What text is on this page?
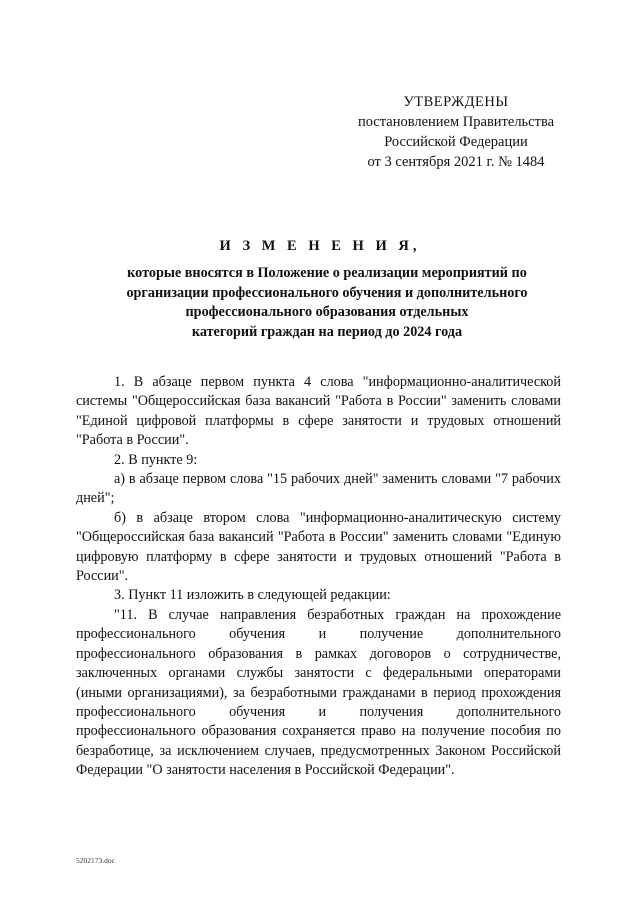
УТВЕРЖДЕНЫ
постановлением Правительства
Российской Федерации
от 3 сентября 2021 г. № 1484
И З М Е Н Е Н И Я,
которые вносятся в Положение о реализации мероприятий по
организации профессионального обучения и дополнительного
профессионального образования отдельных
категорий граждан на период до 2024 года

1. В абзаце первом пункта 4 слова "информационно-аналитической системы "Общероссийская база вакансий "Работа в России" заменить словами "Единой цифровой платформы в сфере занятости и трудовых отношений "Работа в России".

2. В пункте 9:

а) в абзаце первом слова "15 рабочих дней" заменить словами "7 рабочих дней";

б) в абзаце втором слова "информационно-аналитическую систему "Общероссийская база вакансий "Работа в России" заменить словами "Единую цифровую платформу в сфере занятости и трудовых отношений "Работа в России".

3. Пункт 11 изложить в следующей редакции:

"11. В случае направления безработных граждан на прохождение профессионального обучения и получение дополнительного профессионального образования в рамках договоров о сотрудничестве, заключенных органами службы занятости с федеральными операторами (иными организациями), за безработными гражданами в период прохождения профессионального обучения и получения дополнительного профессионального образования сохраняется право на получение пособия по безработице, за исключением случаев, предусмотренных Законом Российской Федерации "О занятости населения в Российской Федерации".

5202173.doc
